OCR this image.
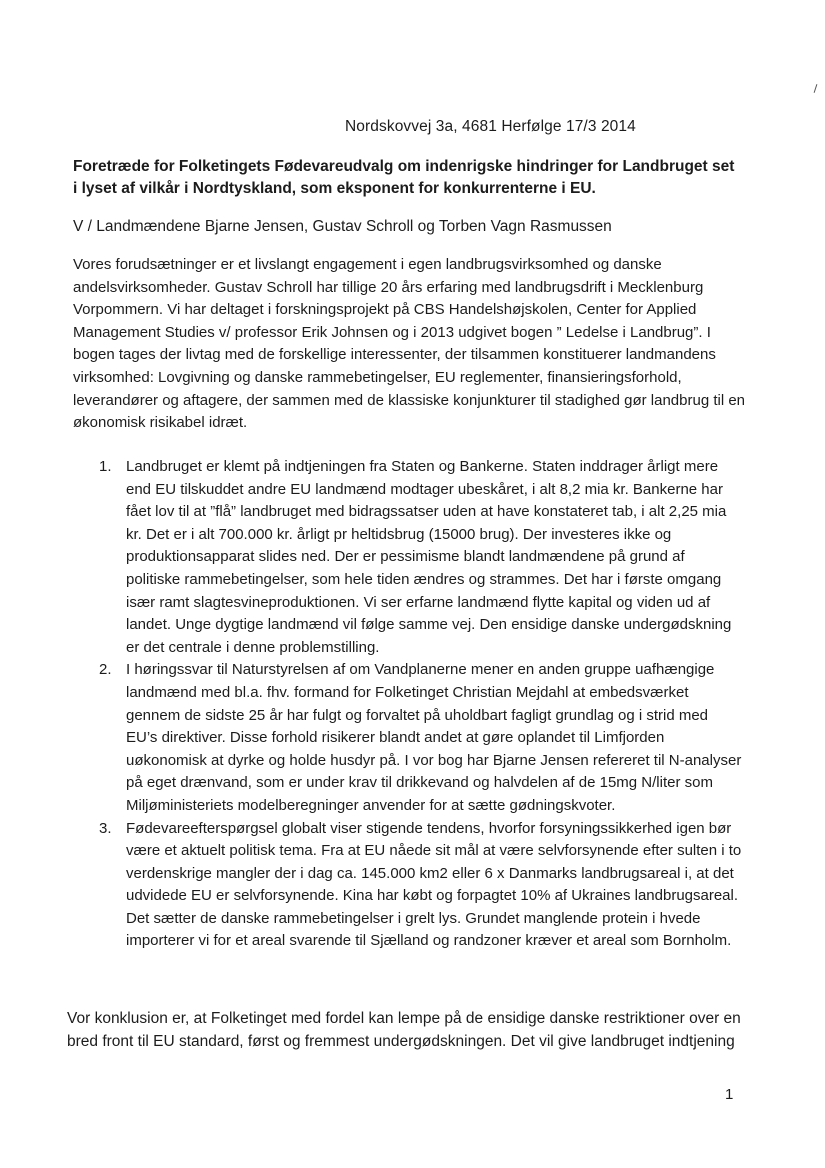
Nordskovvej 3a, 4681 Herfølge 17/3 2014
Foretræde for Folketingets Fødevareudvalg om indenrigske hindringer for Landbruget set i lyset af vilkår i Nordtyskland, som eksponent for konkurrenterne i EU.
V / Landmændene Bjarne Jensen, Gustav Schroll og Torben Vagn Rasmussen

Vores forudsætninger er et livslangt engagement i egen landbrugsvirksomhed og danske andelsvirksomheder. Gustav Schroll har tillige 20 års erfaring med landbrugsdrift i Mecklenburg Vorpommern. Vi har deltaget i forskningsprojekt på CBS Handelshøjskolen, Center for Applied Management Studies v/ professor Erik Johnsen og i 2013 udgivet bogen ” Ledelse i Landbrug”. I bogen tages der livtag med de forskellige interessenter, der tilsammen konstituerer landmandens virksomhed: Lovgivning og danske rammebetingelser, EU reglementer, finansieringsforhold, leverandører og aftagere, der sammen med de klassiske konjunkturer til stadighed gør landbrug til en økonomisk risikabel idræt.

1. Landbruget er klemt på indtjeningen fra Staten og Bankerne. Staten inddrager årligt mere end EU tilskuddet andre EU landmænd modtager ubeskåret, i alt 8,2 mia kr. Bankerne har fået lov til at ”flå” landbruget med bidragssatser uden at have konstateret tab, i alt 2,25 mia kr. Det er i alt 700.000 kr. årligt pr heltidsbrug (15000 brug). Der investeres ikke og produktionsapparat slides ned. Der er pessimisme blandt landmændene på grund af politiske rammebetingelser, som hele tiden ændres og strammes. Det har i første omgang især ramt slagtesvineproduktionen. Vi ser erfarne landmænd flytte kapital og viden ud af landet. Unge dygtige landmænd vil følge samme vej. Den ensidige danske undergødskning er det centrale i denne problemstilling.
2. I høringssvar til Naturstyrelsen af om Vandplanerne mener en anden gruppe uafhængige landmænd med bl.a. fhv. formand for Folketinget Christian Mejdahl at embedsværket gennem de sidste 25 år har fulgt og forvaltet på uholdbart fagligt grundlag og i strid med EU’s direktiver. Disse forhold risikerer blandt andet at gøre oplandet til Limfjorden uøkonomisk at dyrke og holde husdyr på. I vor bog har Bjarne Jensen refereret til N-analyser på eget drænvand, som er under krav til drikkevand og halvdelen af de 15mg N/liter som Miljøministeriets modelberegninger anvender for at sætte gødningskvoter.
3. Fødevareefterspørgsel globalt viser stigende tendens, hvorfor forsyningssikkerhed igen bør være et aktuelt politisk tema. Fra at EU nåede sit mål at være selvforsynende efter sulten i to verdenskrige mangler der i dag ca. 145.000 km2 eller 6 x Danmarks landbrugsareal i, at det udvidede EU er selvforsynende. Kina har købt og forpagtet 10% af Ukraines landbrugsareal. Det sætter de danske rammebetingelser i grelt lys. Grundet manglende protein i hvede importerer vi for et areal svarende til Sjælland og randzoner kræver et areal som Bornholm.

Vor konklusion er, at Folketinget med fordel kan lempe på de ensidige danske restriktioner over en bred front til EU standard, først og fremmest undergødskningen. Det vil give landbruget indtjening

1
